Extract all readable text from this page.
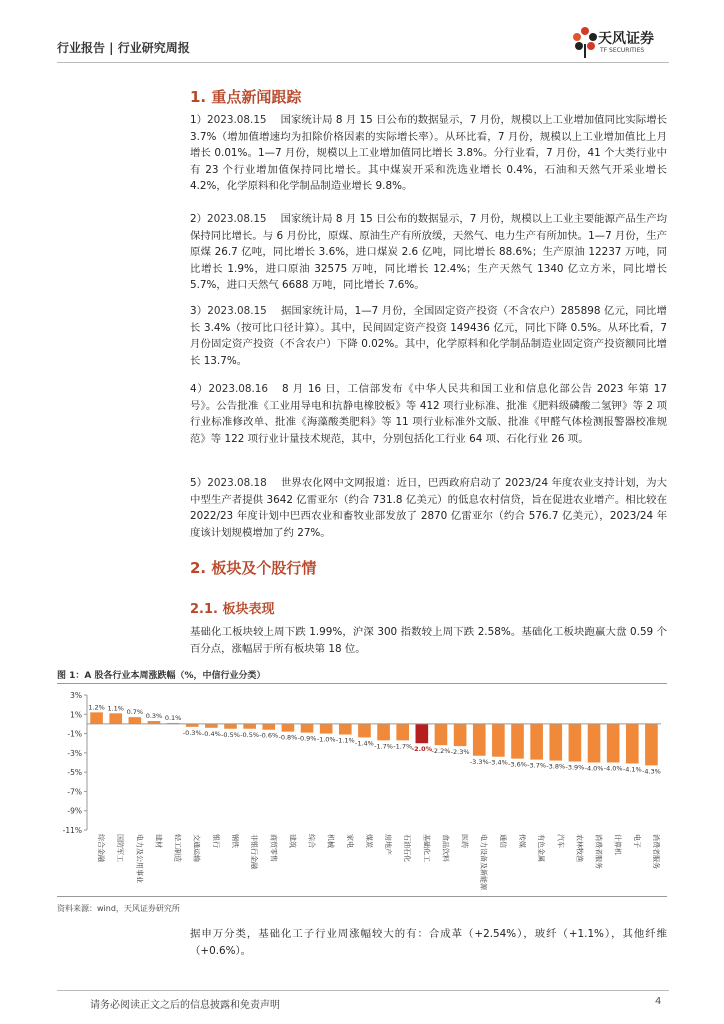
行业报告 | 行业研究周报
天风证券
TF SECURITIES
1. 重点新闻跟踪
1）2023.08.15 国家统计局 8 月 15 日公布的数据显示，7 月份，规模以上工业增加值同比实际增长 3.7%（增加值增速均为扣除价格因素的实际增长率）。从环比看，7 月份，规模以上工业增加值比上月增长 0.01%。1—7 月份，规模以上工业增加值同比增长 3.8%。分行业看，7 月份，41 个大类行业中有 23 个行业增加值保持同比增长。其中煤炭开采和洗选业增长 0.4%，石油和天然气开采业增长 4.2%，化学原料和化学制品制造业增长 9.8%。
2）2023.08.15 国家统计局 8 月 15 日公布的数据显示，7 月份，规模以上工业主要能源产品生产均保持同比增长。与 6 月份比，原煤、原油生产有所放缓，天然气、电力生产有所加快。1—7 月份，生产原煤 26.7 亿吨，同比增长 3.6%，进口煤炭 2.6 亿吨，同比增长 88.6%；生产原油 12237 万吨，同比增长 1.9%，进口原油 32575 万吨，同比增长 12.4%；生产天然气 1340 亿立方米，同比增长 5.7%，进口天然气 6688 万吨，同比增长 7.6%。
3）2023.08.15 据国家统计局，1—7 月份，全国固定资产投资（不含农户）285898 亿元，同比增长 3.4%（按可比口径计算）。其中，民间固定资产投资 149436 亿元，同比下降 0.5%。从环比看，7 月份固定资产投资（不含农户）下降 0.02%。其中，化学原料和化学制品制造业固定资产投资额同比增长 13.7%。
4）2023.08.16 8 月 16 日，工信部发布《中华人民共和国工业和信息化部公告 2023 年第 17 号》。公告批准《工业用导电和抗静电橡胶板》等 412 项行业标准、批准《肥料级磷酸二氢钾》等 2 项行业标准修改单、批准《海藻酸类肥料》等 11 项行业标准外文版、批准《甲醛气体检测报警器校准规范》等 122 项行业计量技术规范，其中，分别包括化工行业 64 项、石化行业 26 项。
5）2023.08.18 世界农化网中文网报道：近日，巴西政府启动了 2023/24 年度农业支持计划，为大中型生产者提供 3642 亿雷亚尔（约合 731.8 亿美元）的低息农村信贷，旨在促进农业增产。相比较在 2022/23 年度计划中巴西农业和畜牧业部发放了 2870 亿雷亚尔（约合 576.7 亿美元），2023/24 年度该计划规模增加了约 27%。
2. 板块及个股行情
2.1. 板块表现
基础化工板块较上周下跌 1.99%，沪深 300 指数较上周下跌 2.58%。基础化工板块跑赢大盘 0.59 个百分点，涨幅居于所有板块第 18 位。
图 1：A 股各行业本周涨跌幅（%，中信行业分类）
3%
1%
-1%
-3%
-5%
-7%
-9%
-11%
1.2%
综合金融
1.1%
国防军工
0.7%
电力及公用事业
0.3%
建材
0.1%
轻工制造
-0.3%
交通运输
-0.4%
银行
-0.5%
钢铁
-0.5%
非银行金融
-0.6%
商贸零售
-0.8%
建筑
-0.9%
综合
-1.0%
机械
-1.1%
家电
-1.4%
煤炭
-1.7%
房地产
-1.7%
石油石化
-2.0%
基础化工
-2.2%
食品饮料
-2.3%
医药
-3.3%
电力设备及新能源
-3.4%
通信
-3.6%
传媒
-3.7%
有色金属
-3.8%
汽车
-3.9%
农林牧渔
-4.0%
消费者服务
-4.0%
计算机
-4.1%
电子
-4.3%
消费者服务
资料来源：wind，天风证券研究所
据申万分类，基础化工子行业周涨幅较大的有：合成革（+2.54%），玻纤（+1.1%），其他纤维（+0.6%）。
请务必阅读正文之后的信息披露和免责声明	4
